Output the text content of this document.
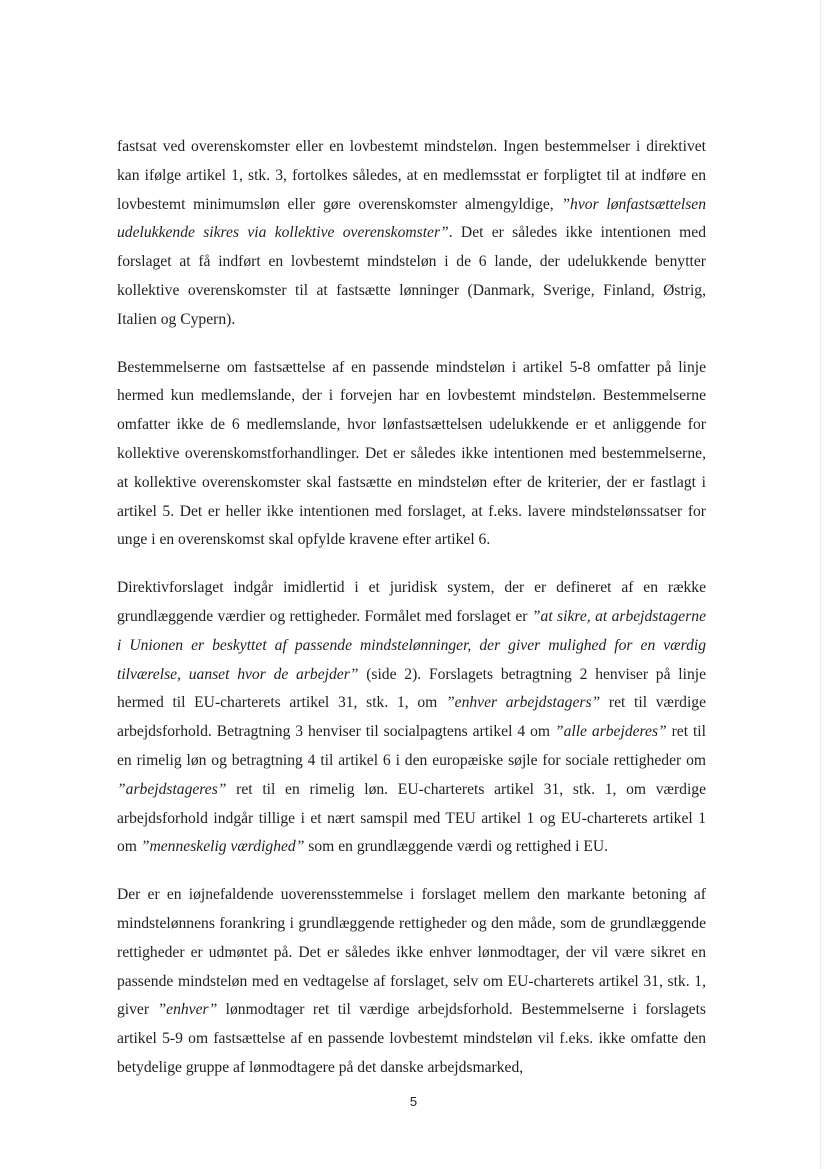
fastsat ved overenskomster eller en lovbestemt mindsteløn. Ingen bestemmelser i direktivet kan ifølge artikel 1, stk. 3, fortolkes således, at en medlemsstat er forpligtet til at indføre en lovbestemt minimumsløn eller gøre overenskomster almengyldige, ”hvor lønfastsættelsen udelukkende sikres via kollektive overenskomster”. Det er således ikke intentionen med forslaget at få indført en lovbestemt mindsteløn i de 6 lande, der udelukkende benytter kollektive overenskomster til at fastsætte lønninger (Danmark, Sverige, Finland, Østrig, Italien og Cypern).

Bestemmelserne om fastsættelse af en passende mindsteløn i artikel 5-8 omfatter på linje hermed kun medlemslande, der i forvejen har en lovbestemt mindsteløn. Bestemmelserne omfatter ikke de 6 medlemslande, hvor lønfastsættelsen udelukkende er et anliggende for kollektive overenskomstforhandlinger. Det er således ikke intentionen med bestemmelserne, at kollektive overenskomster skal fastsætte en mindsteløn efter de kriterier, der er fastlagt i artikel 5. Det er heller ikke intentionen med forslaget, at f.eks. lavere mindstelønssatser for unge i en overenskomst skal opfylde kravene efter artikel 6.

Direktivforslaget indgår imidlertid i et juridisk system, der er defineret af en række grundlæggende værdier og rettigheder. Formålet med forslaget er ”at sikre, at arbejdstagerne i Unionen er beskyttet af passende mindstelønninger, der giver mulighed for en værdig tilværelse, uanset hvor de arbejder” (side 2). Forslagets betragtning 2 henviser på linje hermed til EU-charterets artikel 31, stk. 1, om ”enhver arbejdstagers” ret til værdige arbejdsforhold. Betragtning 3 henviser til socialpagtens artikel 4 om ”alle arbejderes” ret til en rimelig løn og betragtning 4 til artikel 6 i den europæiske søjle for sociale rettigheder om ”arbejdstageres” ret til en rimelig løn. EU-charterets artikel 31, stk. 1, om værdige arbejdsforhold indgår tillige i et nært samspil med TEU artikel 1 og EU-charterets artikel 1 om ”menneskelig værdighed” som en grundlæggende værdi og rettighed i EU.

Der er en iøjnefaldende uoverensstemmelse i forslaget mellem den markante betoning af mindstelønnens forankring i grundlæggende rettigheder og den måde, som de grundlæggende rettigheder er udmøntet på. Det er således ikke enhver lønmodtager, der vil være sikret en passende mindsteløn med en vedtagelse af forslaget, selv om EU-charterets artikel 31, stk. 1, giver ”enhver” lønmodtager ret til værdige arbejdsforhold. Bestemmelserne i forslagets artikel 5-9 om fastsættelse af en passende lovbestemt mindsteløn vil f.eks. ikke omfatte den betydelige gruppe af lønmodtagere på det danske arbejdsmarked,

5
